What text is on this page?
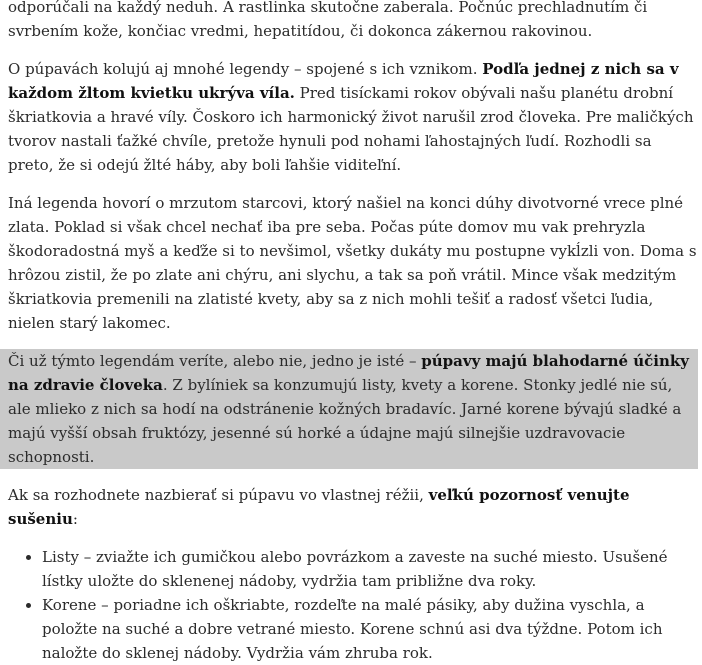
odporúčali na každý neduh. A rastlinka skutočne zaberala. Počnúc prechladnutím či svrbením kože, končiac vredmi, hepatitídou, či dokonca zákernou rakovinou.

O púpavách kolujú aj mnohé legendy – spojené s ich vznikom. Podľa jednej z nich sa v každom žltom kvietku ukrýva víla. Pred tisíckami rokov obývali našu planétu drobní škriatkovia a hravé víly. Čoskoro ich harmonický život narušil zrod človeka. Pre maličkých tvorov nastali ťažké chvíle, pretože hynuli pod nohami ľahostajných ľudí. Rozhodli sa preto, že si odejú žlté háby, aby boli ľahšie viditeľní.

Iná legenda hovorí o mrzutom starcovi, ktorý našiel na konci dúhy divotvorné vrece plné zlata. Poklad si však chcel nechať iba pre seba. Počas púte domov mu vak prehryzla škodoradostná myš a keďže si to nevšimol, všetky dukáty mu postupne vykĺzli von. Doma s hrôzou zistil, že po zlate ani chýru, ani slychu, a tak sa poň vrátil. Mince však medzitým škriatkovia premenili na zlatisté kvety, aby sa z nich mohli tešiť a radosť všetci ľudia, nielen starý lakomec.

Či už týmto legendám veríte, alebo nie, jedno je isté – púpavy majú blahodarné účinky na zdravie človeka. Z bylíniek sa konzumujú listy, kvety a korene. Stonky jedlé nie sú, ale mlieko z nich sa hodí na odstránenie kožných bradavíc. Jarné korene bývajú sladké a majú vyšší obsah fruktózy, jesenné sú horké a údajne majú silnejšie uzdravovacie schopnosti.

Ak sa rozhodnete nazbierať si púpavu vo vlastnej réžii, veľkú pozornosť venujte sušeniu:

• Listy – zviažte ich gumičkou alebo povrázkom a zaveste na suché miesto. Usušené lístky uložte do sklenenej nádoby, vydržia tam približne dva roky.
• Korene – poriadne ich oškriabte, rozdeľte na malé pásiky, aby dužina vyschla, a položte na suché a dobre vetrané miesto. Korene schnú asi dva týždne. Potom ich naložte do sklenej nádoby. Vydržia vám zhruba rok.
